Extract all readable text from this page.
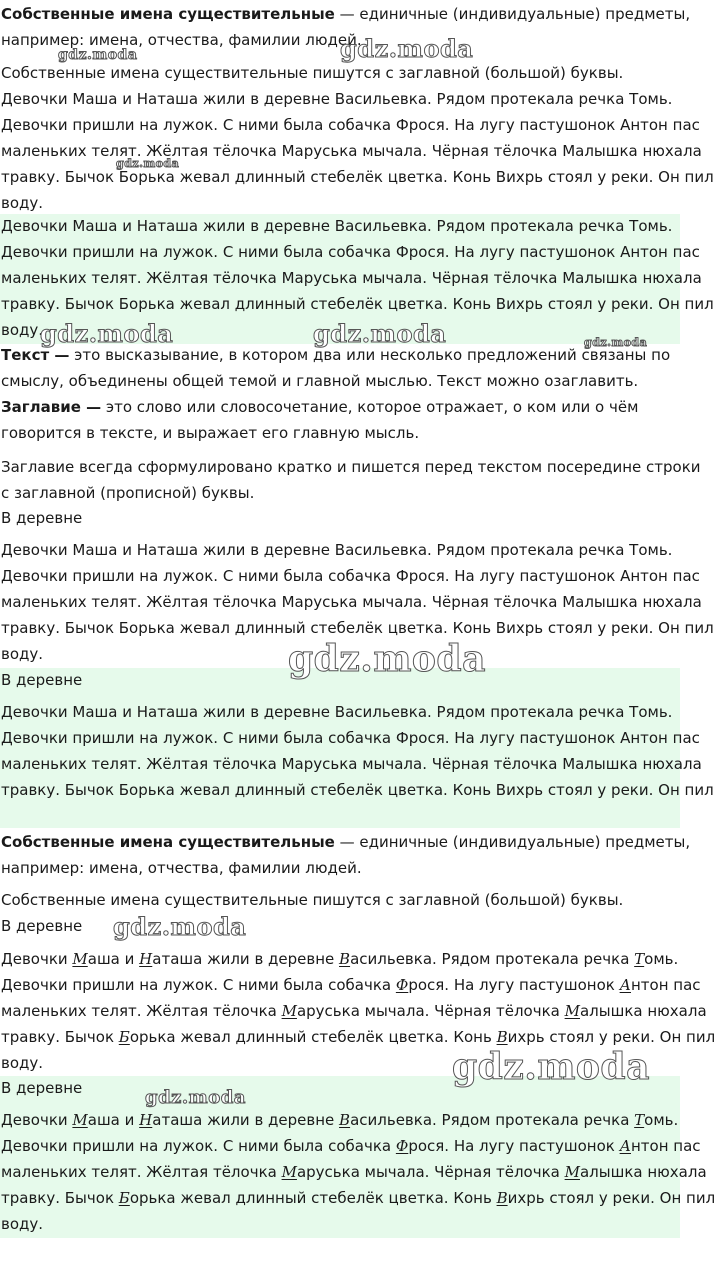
Собственные имена существительные — единичные (индивидуальные) предметы,

например: имена, отчества, фамилии людей.

Собственные имена существительные пишутся с заглавной (большой) буквы.

Девочки Маша и Наташа жили в деревне Васильевка. Рядом протекала речка Томь.

Девочки пришли на лужок. С ними была собачка Фрося. На лугу пастушонок Антон пас

маленьких телят. Жёлтая тёлочка Маруська мычала. Чёрная тёлочка Малышка нюхала

травку. Бычок Борька жевал длинный стебелёк цветка. Конь Вихрь стоял у реки. Он пил

воду.

Девочки Маша и Наташа жили в деревне Васильевка. Рядом протекала речка Томь.

Девочки пришли на лужок. С ними была собачка Фрося. На лугу пастушонок Антон пас

маленьких телят. Жёлтая тёлочка Маруська мычала. Чёрная тёлочка Малышка нюхала

травку. Бычок Борька жевал длинный стебелёк цветка. Конь Вихрь стоял у реки. Он пил

воду.

Текст — это высказывание, в котором два или несколько предложений связаны по

смыслу, объединены общей темой и главной мыслью. Текст можно озаглавить.

Заглавие — это слово или словосочетание, которое отражает, о ком или о чём

говорится в тексте, и выражает его главную мысль.

Заглавие всегда сформулировано кратко и пишется перед текстом посередине строки

с заглавной (прописной) буквы.

В деревне

Девочки Маша и Наташа жили в деревне Васильевка. Рядом протекала речка Томь.

Девочки пришли на лужок. С ними была собачка Фрося. На лугу пастушонок Антон пас

маленьких телят. Жёлтая тёлочка Маруська мычала. Чёрная тёлочка Малышка нюхала

травку. Бычок Борька жевал длинный стебелёк цветка. Конь Вихрь стоял у реки. Он пил

воду.

В деревне

Девочки Маша и Наташа жили в деревне Васильевка. Рядом протекала речка Томь.

Девочки пришли на лужок. С ними была собачка Фрося. На лугу пастушонок Антон пас

маленьких телят. Жёлтая тёлочка Маруська мычала. Чёрная тёлочка Малышка нюхала

травку. Бычок Борька жевал длинный стебелёк цветка. Конь Вихрь стоял у реки. Он пил

Собственные имена существительные — единичные (индивидуальные) предметы,

например: имена, отчества, фамилии людей.

Собственные имена существительные пишутся с заглавной (большой) буквы.

В деревне

Девочки Маша и Наташа жили в деревне Васильевка. Рядом протекала речка Томь.

Девочки пришли на лужок. С ними была собачка Фрося. На лугу пастушонок Антон пас

маленьких телят. Жёлтая тёлочка Маруська мычала. Чёрная тёлочка Малышка нюхала

травку. Бычок Борька жевал длинный стебелёк цветка. Конь Вихрь стоял у реки. Он пил

воду.

В деревне

Девочки Маша и Наташа жили в деревне Васильевка. Рядом протекала речка Томь.

Девочки пришли на лужок. С ними была собачка Фрося. На лугу пастушонок Антон пас

маленьких телят. Жёлтая тёлочка Маруська мычала. Чёрная тёлочка Малышка нюхала

травку. Бычок Борька жевал длинный стебелёк цветка. Конь Вихрь стоял у реки. Он пил

воду.

gdz.moda
gdz.moda
gdz.moda
gdz.moda	gdz.moda	gdz.moda
gdz.moda
gdz.moda
gdz.moda
gdz.moda
